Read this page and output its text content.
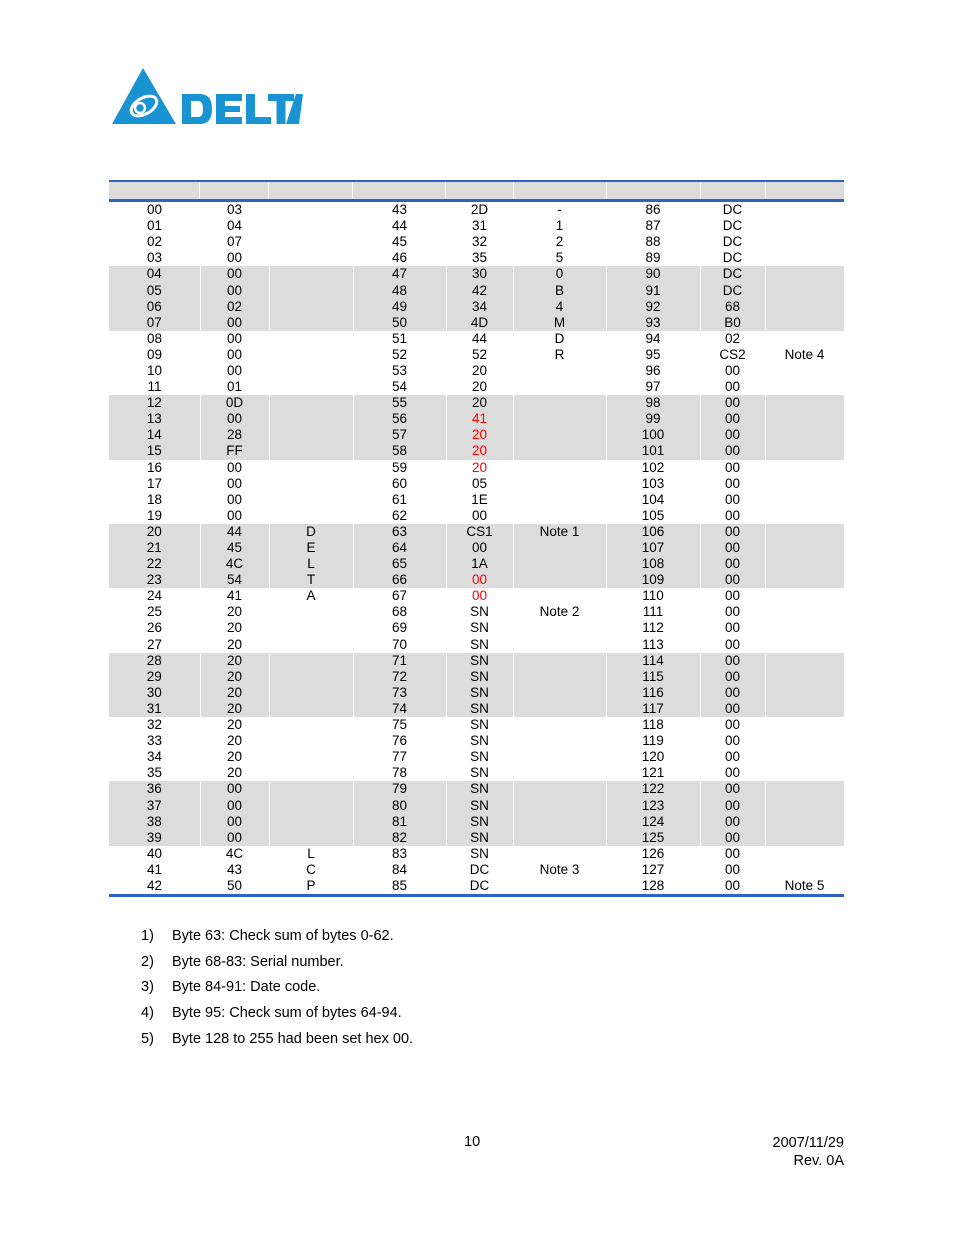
00	03		43	2D	-	86	DC	
01	04		44	31	1	87	DC	
02	07		45	32	2	88	DC	
03	00		46	35	5	89	DC	
04	00		47	30	0	90	DC	
05	00		48	42	B	91	DC	
06	02		49	34	4	92	68	
07	00		50	4D	M	93	B0	
08	00		51	44	D	94	02	
09	00		52	52	R	95	CS2	Note 4
10	00		53	20		96	00	
11	01		54	20		97	00	
12	0D		55	20		98	00	
13	00		56	41		99	00	
14	28		57	20		100	00	
15	FF		58	20		101	00	
16	00		59	20		102	00	
17	00		60	05		103	00	
18	00		61	1E		104	00	
19	00		62	00		105	00	
20	44	D	63	CS1	Note 1	106	00	
21	45	E	64	00		107	00	
22	4C	L	65	1A		108	00	
23	54	T	66	00		109	00	
24	41	A	67	00		110	00	
25	20		68	SN	Note 2	111	00	
26	20		69	SN		112	00	
27	20		70	SN		113	00	
28	20		71	SN		114	00	
29	20		72	SN		115	00	
30	20		73	SN		116	00	
31	20		74	SN		117	00	
32	20		75	SN		118	00	
33	20		76	SN		119	00	
34	20		77	SN		120	00	
35	20		78	SN		121	00	
36	00		79	SN		122	00	
37	00		80	SN		123	00	
38	00		81	SN		124	00	
39	00		82	SN		125	00	
40	4C	L	83	SN		126	00	
41	43	C	84	DC	Note 3	127	00	
42	50	P	85	DC		128	00	Note 5
1)	Byte 63: Check sum of bytes 0-62.
2)	Byte 68-83: Serial number.
3)	Byte 84-91: Date code.
4)	Byte 95: Check sum of bytes 64-94.
5)	Byte 128 to 255 had been set hex 00.
10	2007/11/29
Rev. 0A
